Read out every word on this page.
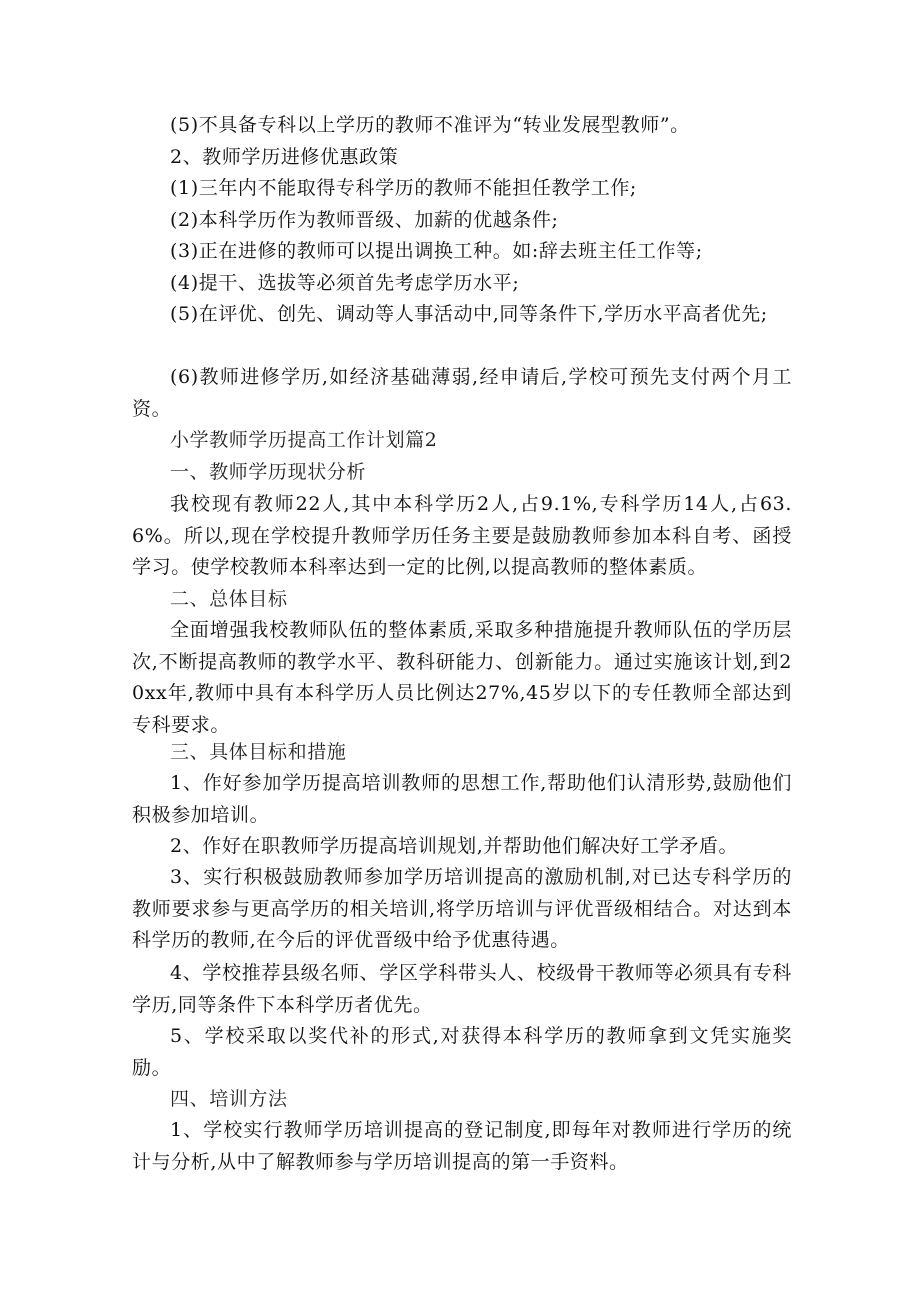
(5)不具备专科以上学历的教师不准评为“转业发展型教师”。

2、教师学历进修优惠政策

(1)三年内不能取得专科学历的教师不能担任教学工作;

(2)本科学历作为教师晋级、加薪的优越条件;

(3)正在进修的教师可以提出调换工种。如:辞去班主任工作等;

(4)提干、选拔等必须首先考虑学历水平;

(5)在评优、创先、调动等人事活动中,同等条件下,学历水平高者优先;

(6)教师进修学历,如经济基础薄弱,经申请后,学校可预先支付两个月工资。

小学教师学历提高工作计划篇2

一、教师学历现状分析

我校现有教师22人,其中本科学历2人,占9.1%,专科学历14人,占63.6%。所以,现在学校提升教师学历任务主要是鼓励教师参加本科自考、函授学习。使学校教师本科率达到一定的比例,以提高教师的整体素质。

二、总体目标

全面增强我校教师队伍的整体素质,采取多种措施提升教师队伍的学历层次,不断提高教师的教学水平、教科研能力、创新能力。通过实施该计划,到20xx年,教师中具有本科学历人员比例达27%,45岁以下的专任教师全部达到专科要求。

三、具体目标和措施

1、作好参加学历提高培训教师的思想工作,帮助他们认清形势,鼓励他们积极参加培训。

2、作好在职教师学历提高培训规划,并帮助他们解决好工学矛盾。

3、实行积极鼓励教师参加学历培训提高的激励机制,对已达专科学历的教师要求参与更高学历的相关培训,将学历培训与评优晋级相结合。对达到本科学历的教师,在今后的评优晋级中给予优惠待遇。

4、学校推荐县级名师、学区学科带头人、校级骨干教师等必须具有专科学历,同等条件下本科学历者优先。

5、学校采取以奖代补的形式,对获得本科学历的教师拿到文凭实施奖励。

四、培训方法

1、学校实行教师学历培训提高的登记制度,即每年对教师进行学历的统计与分析,从中了解教师参与学历培训提高的第一手资料。
